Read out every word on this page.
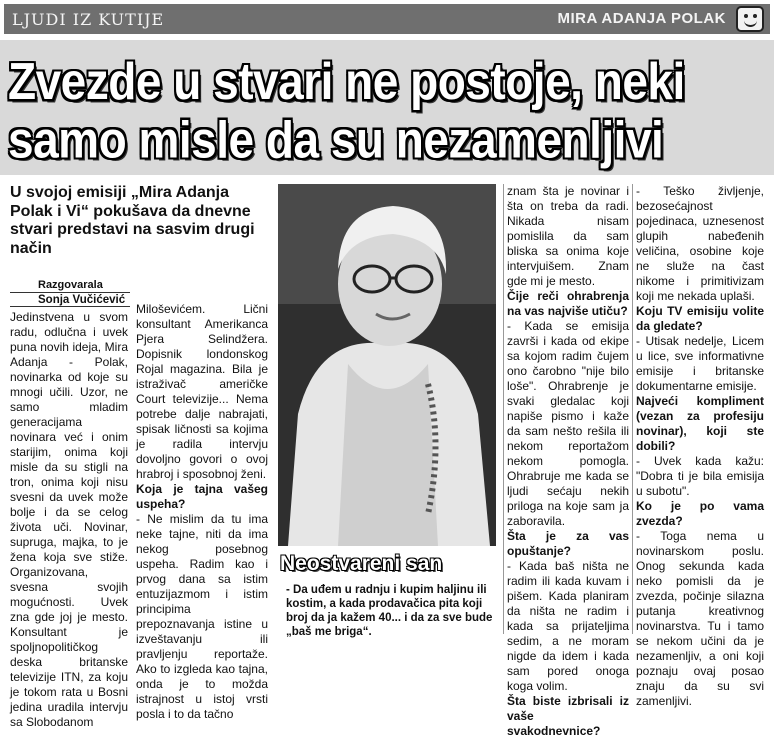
LJUDI IZ KUTIJE	MIRA ADANJA POLAK
Zvezde u stvari ne postoje, neki samo misle da su nezamenljivi

U svojoj emisiji „Mira Adanja Polak i Vi“ pokušava da dnevne stvari predstavi na sasvim drugi način

Razgovarala
Sonja Vučićević

Jedinstvena u svom radu, odlučna i uvek puna novih ideja, Mira Adanja - Polak, novinarka od koje su mnogi učili. Uzor, ne samo mladim generacijama novinara već i onim starijim, onima koji misle da su stigli na tron, onima koji nisu svesni da uvek može bolje i da se celog života uči. Novinar, supruga, majka, to je žena koja sve stiže. Organizovana, svesna svojih mogućnosti. Uvek zna gde joj je mesto. Konsultant je spoljnopolitičkog deska britanske televizije ITN, za koju je tokom rata u Bosni jedina uradila intervju sa Slobodanom

Miloševićem. Lični konsultant Amerikanca Pjera Selindžera. Dopisnik londonskog Rojal magazina. Bila je istraživač američke Court televizije... Nema potrebe dalje nabrajati, spisak ličnosti sa kojima je radila intervju dovoljno govori o ovoj hrabroj i sposobnoj ženi.

Koja je tajna vašeg uspeha?

- Ne mislim da tu ima neke tajne, niti da ima nekog posebnog uspeha. Radim kao i prvog dana sa istim entuzijazmom i istim principima prepoznavanja istine u izveštavanju ili pravljenju reportaže. Ako to izgleda kao tajna, onda je to možda istrajnost u istoj vrsti posla i to da tačno

Neostvareni san
- Da uđem u radnju i kupim haljinu ili kostim, a kada prodavačica pita koji broj da ja kažem 40... i da za sve bude „baš me briga“.

znam šta je novinar i šta on treba da radi. Nikada nisam pomislila da sam bliska sa onima koje intervjuišem. Znam gde mi je mesto.

Čije reči ohrabrenja na vas najviše utiču?

- Kada se emisija završi i kada od ekipe sa kojom radim čujem ono čarobno "nije bilo loše". Ohrabrenje je svaki gledalac koji napiše pismo i kaže da sam nešto rešila ili nekom reportažom nekom pomogla. Ohrabruje me kada se ljudi sećaju nekih priloga na koje sam ja zaboravila.

Šta je za vas opuštanje?

- Kada baš ništa ne radim ili kada kuvam i pišem. Kada planiram da ništa ne radim i kada sa prijateljima sedim, a ne moram nigde da idem i kada sam pored onoga koga volim.

Šta biste izbrisali iz vaše svakodnevnice?

- Teško življenje, bezosećajnost pojedinaca, uznesenost glupih nabeđenih veličina, osobine koje ne služe na čast nikome i primitivizam koji me nekada uplaši.

Koju TV emisiju volite da gledate?

- Utisak nedelje, Licem u lice, sve informativne emisije i britanske dokumentarne emisije.

Najveći kompliment (vezan za profesiju novinar), koji ste dobili?

- Uvek kada kažu: "Dobra ti je bila emisija u subotu".

Ko je po vama zvezda?

- Toga nema u novinarskom poslu. Onog sekunda kada neko pomisli da je zvezda, počinje silazna putanja kreativnog novinarstva. Tu i tamo se nekom učini da je nezamenljiv, a oni koji poznaju ovaj posao znaju da su svi zamenljivi.
